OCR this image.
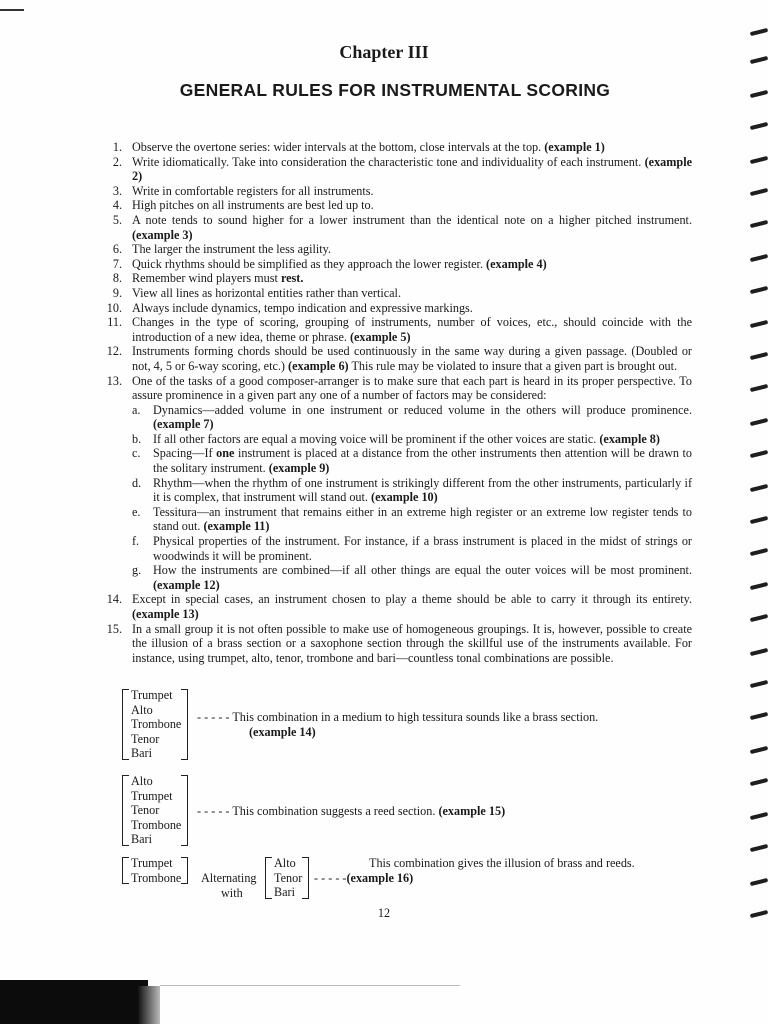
Chapter III
GENERAL RULES FOR INSTRUMENTAL SCORING
1. Observe the overtone series: wider intervals at the bottom, close intervals at the top. (example 1)
2. Write idiomatically. Take into consideration the characteristic tone and individuality of each instrument. (example 2)
3. Write in comfortable registers for all instruments.
4. High pitches on all instruments are best led up to.
5. A note tends to sound higher for a lower instrument than the identical note on a higher pitched instrument. (example 3)
6. The larger the instrument the less agility.
7. Quick rhythms should be simplified as they approach the lower register. (example 4)
8. Remember wind players must rest.
9. View all lines as horizontal entities rather than vertical.
10. Always include dynamics, tempo indication and expressive markings.
11. Changes in the type of scoring, grouping of instruments, number of voices, etc., should coincide with the introduction of a new idea, theme or phrase. (example 5)
12. Instruments forming chords should be used continuously in the same way during a given passage. (Doubled or not, 4, 5 or 6-way scoring, etc.) (example 6) This rule may be violated to insure that a given part is brought out.
13. One of the tasks of a good composer-arranger is to make sure that each part is heard in its proper perspective. To assure prominence in a given part any one of a number of factors may be considered:
a. Dynamics—added volume in one instrument or reduced volume in the others will produce prominence. (example 7)
b. If all other factors are equal a moving voice will be prominent if the other voices are static. (example 8)
c. Spacing—If one instrument is placed at a distance from the other instruments then attention will be drawn to the solitary instrument. (example 9)
d. Rhythm—when the rhythm of one instrument is strikingly different from the other instruments, particularly if it is complex, that instrument will stand out. (example 10)
e. Tessitura—an instrument that remains either in an extreme high register or an extreme low register tends to stand out. (example 11)
f. Physical properties of the instrument. For instance, if a brass instrument is placed in the midst of strings or woodwinds it will be prominent.
g. How the instruments are combined—if all other things are equal the outer voices will be most prominent. (example 12)
14. Except in special cases, an instrument chosen to play a theme should be able to carry it through its entirety. (example 13)
15. In a small group it is not often possible to make use of homogeneous groupings. It is, however, possible to create the illusion of a brass section or a saxophone section through the skillful use of the instruments available. For instance, using trumpet, alto, tenor, trombone and bari—countless tonal combinations are possible.
Trumpet
Alto
Trombone
Tenor
Bari
- - - - - This combination in a medium to high tessitura sounds like a brass section.
(example 14)
Alto
Trumpet
Tenor
Trombone
Bari
- - - - - This combination suggests a reed section. (example 15)
Trumpet
Trombone Alternating
with
Alto
Tenor
Bari
This combination gives the illusion of brass and reeds.
- - - - -(example 16)
12
